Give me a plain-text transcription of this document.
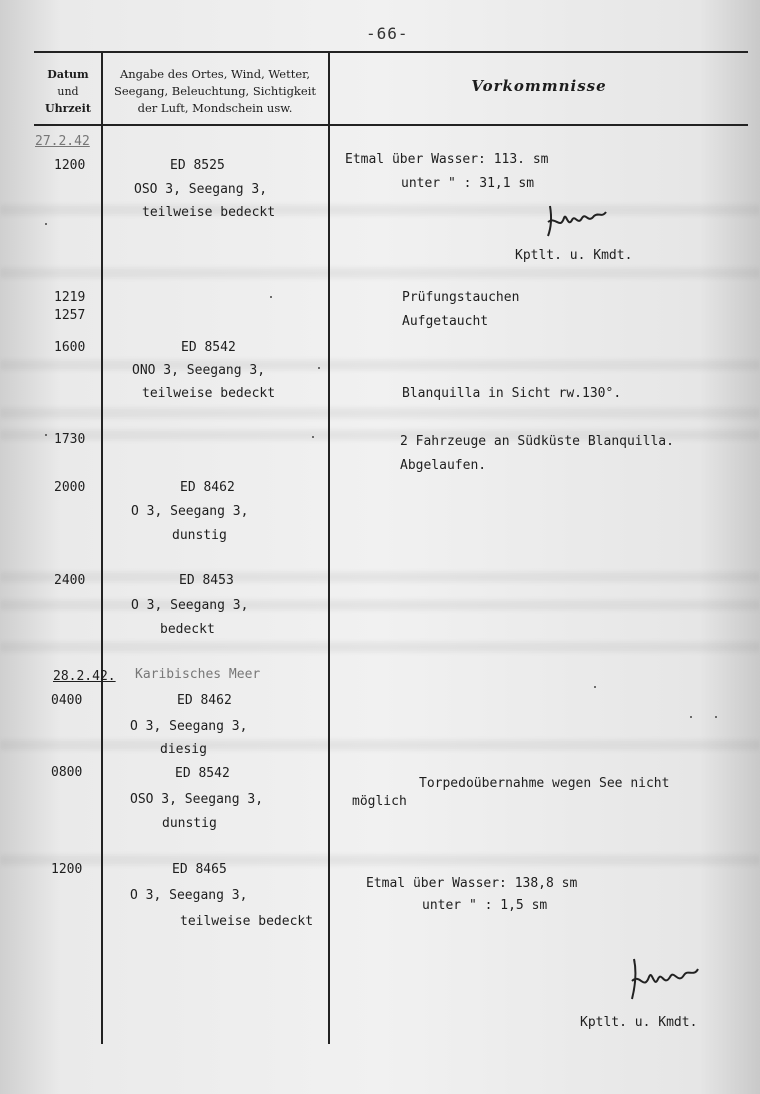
-66-
Datum
und
Uhrzeit
Angabe des Ortes, Wind, Wetter,
Seegang, Beleuchtung, Sichtigkeit
der Luft, Mondschein usw.
Vorkommnisse
27.2.42
1200
1219
1257
1600
1730
2000
2400
28.2.42. Karibisches Meer
0400
0800
1200
ED 8525
OSO 3, Seegang 3,
teilweise bedeckt
ED 8542
ONO 3, Seegang 3,
teilweise bedeckt
ED 8462
O 3, Seegang 3,
dunstig
ED 8453
O 3, Seegang 3,
bedeckt
ED 8462
O 3, Seegang 3,
diesig
ED 8542
OSO 3, Seegang 3,
dunstig
ED 8465
O 3, Seegang 3,
teilweise bedeckt
Etmal über Wasser: 113. sm
unter " : 31,1 sm
Kptlt. u. Kmdt.
Prüfungstauchen
Aufgetaucht
Blanquilla in Sicht rw.130°.
2 Fahrzeuge an Südküste Blanquilla.
Abgelaufen.
Torpedoübernahme wegen See nicht
möglich
Etmal über Wasser: 138,8 sm
unter " : 1,5 sm
Kptlt. u. Kmdt.
